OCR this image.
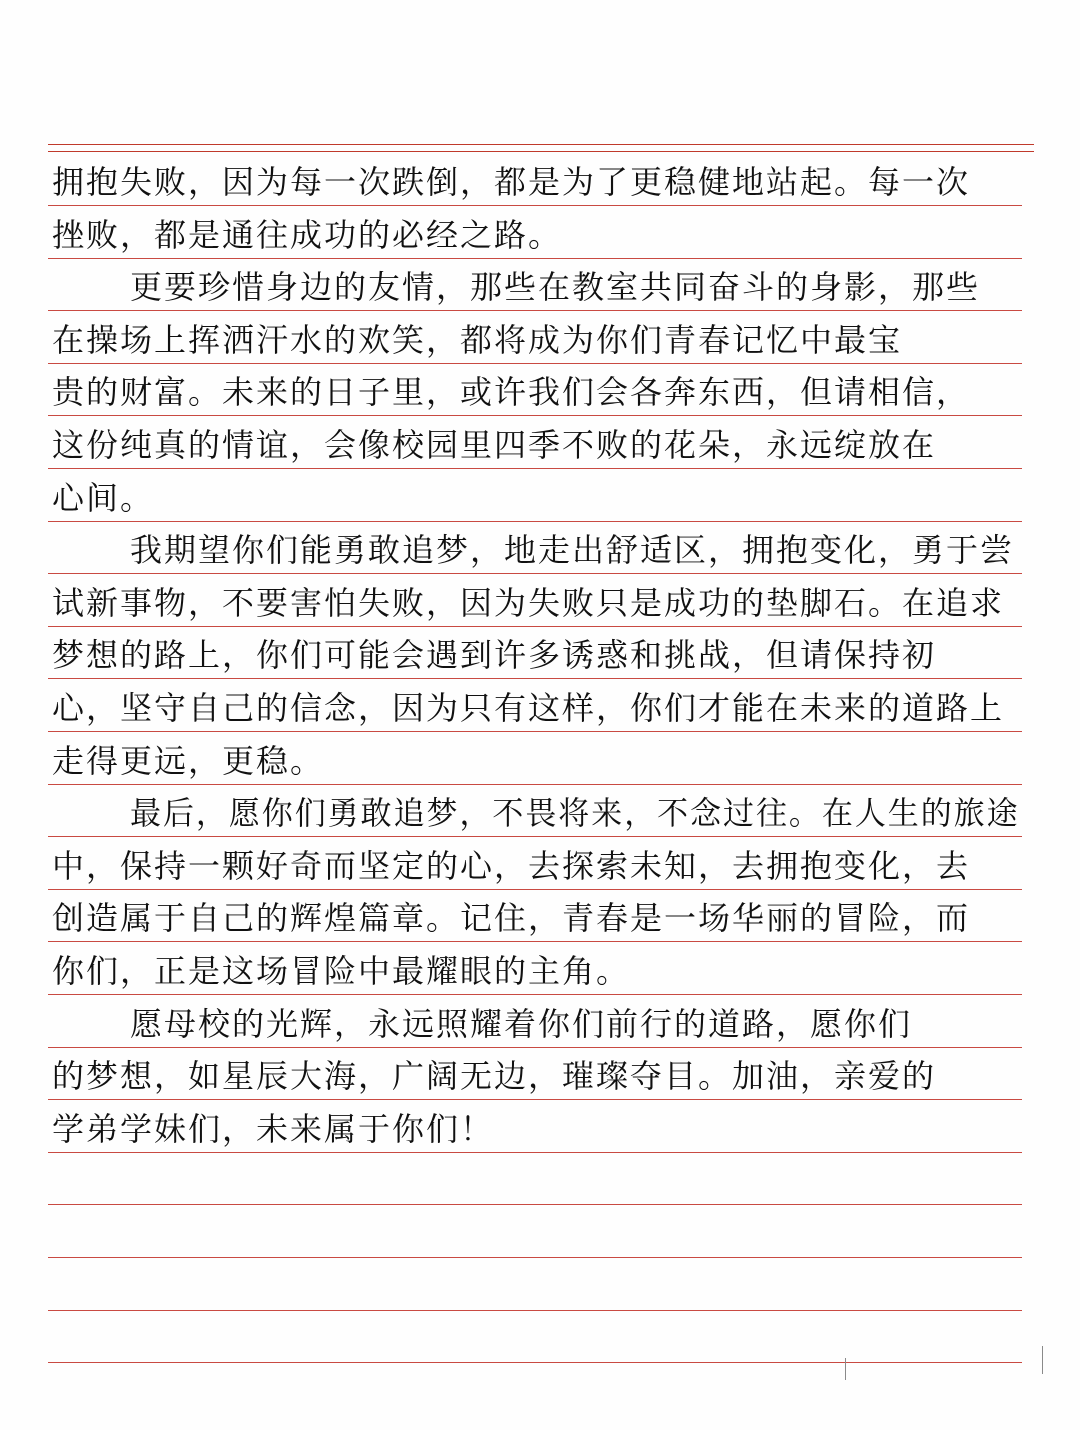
拥抱失败，因为每一次跌倒，都是为了更稳健地站起。每一次
挫败，都是通往成功的必经之路。
更要珍惜身边的友情，那些在教室共同奋斗的身影，那些
在操场上挥洒汗水的欢笑，都将成为你们青春记忆中最宝
贵的财富。未来的日子里，或许我们会各奔东西，但请相信，
这份纯真的情谊，会像校园里四季不败的花朵，永远绽放在
心间。
我期望你们能勇敢追梦，地走出舒适区，拥抱变化，勇于尝
试新事物，不要害怕失败，因为失败只是成功的垫脚石。在追求
梦想的路上，你们可能会遇到许多诱惑和挑战，但请保持初
心，坚守自己的信念，因为只有这样，你们才能在未来的道路上
走得更远，更稳。
最后，愿你们勇敢追梦，不畏将来，不念过往。在人生的旅途
中，保持一颗好奇而坚定的心，去探索未知，去拥抱变化，去
创造属于自己的辉煌篇章。记住，青春是一场华丽的冒险，而
你们，正是这场冒险中最耀眼的主角。
愿母校的光辉，永远照耀着你们前行的道路，愿你们
的梦想，如星辰大海，广阔无边，璀璨夺目。加油，亲爱的
学弟学妹们，未来属于你们！
